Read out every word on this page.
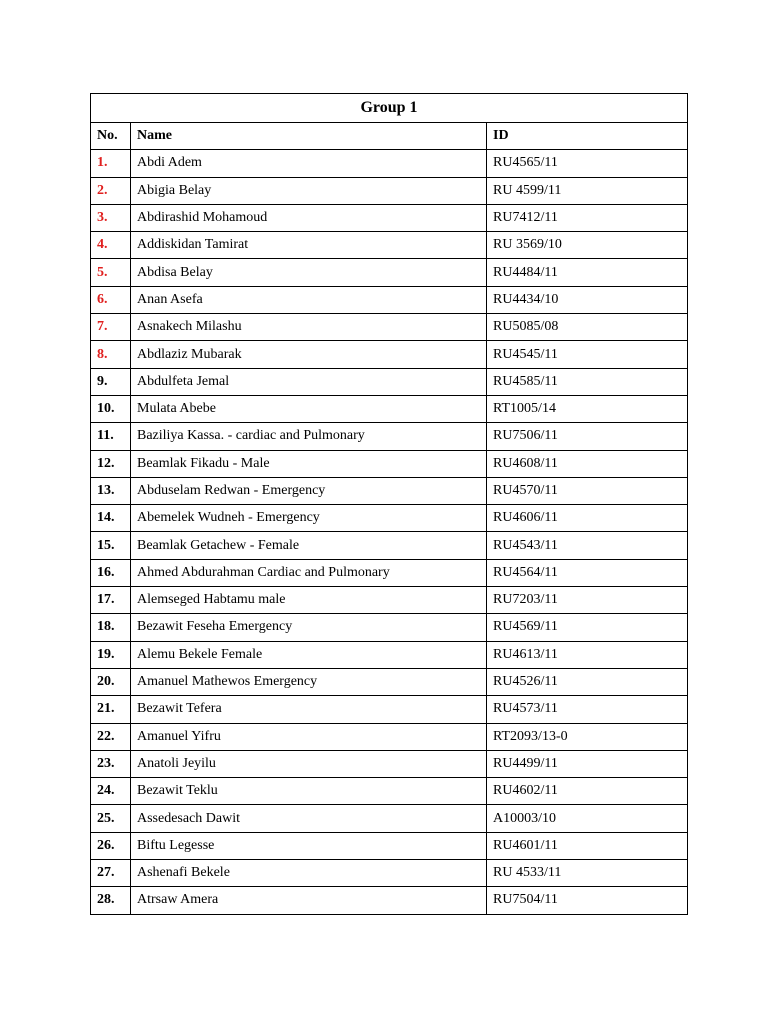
Group 1		
No.	Name	ID
1.	Abdi Adem	RU4565/11
2.	Abigia Belay	RU 4599/11
3.	Abdirashid Mohamoud	RU7412/11
4.	Addiskidan Tamirat	RU 3569/10
5.	Abdisa Belay	RU4484/11
6.	Anan Asefa	RU4434/10
7.	Asnakech Milashu	RU5085/08
8.	Abdlaziz Mubarak	RU4545/11
9.	Abdulfeta Jemal	RU4585/11
10.	Mulata Abebe	RT1005/14
11.	Baziliya Kassa. - cardiac and Pulmonary	RU7506/11
12.	Beamlak Fikadu - Male	RU4608/11
13.	Abduselam Redwan - Emergency	RU4570/11
14.	Abemelek Wudneh - Emergency	RU4606/11
15.	Beamlak Getachew - Female	RU4543/11
16.	Ahmed Abdurahman Cardiac and Pulmonary	RU4564/11
17.	Alemseged Habtamu male	RU7203/11
18.	Bezawit Feseha Emergency	RU4569/11
19.	Alemu Bekele Female	RU4613/11
20.	Amanuel Mathewos Emergency	RU4526/11
21.	Bezawit Tefera	RU4573/11
22.	Amanuel Yifru	RT2093/13-0
23.	Anatoli Jeyilu	RU4499/11
24.	Bezawit Teklu	RU4602/11
25.	Assedesach Dawit	A10003/10
26.	Biftu Legesse	RU4601/11
27.	Ashenafi Bekele	RU 4533/11
28.	Atrsaw Amera	RU7504/11
